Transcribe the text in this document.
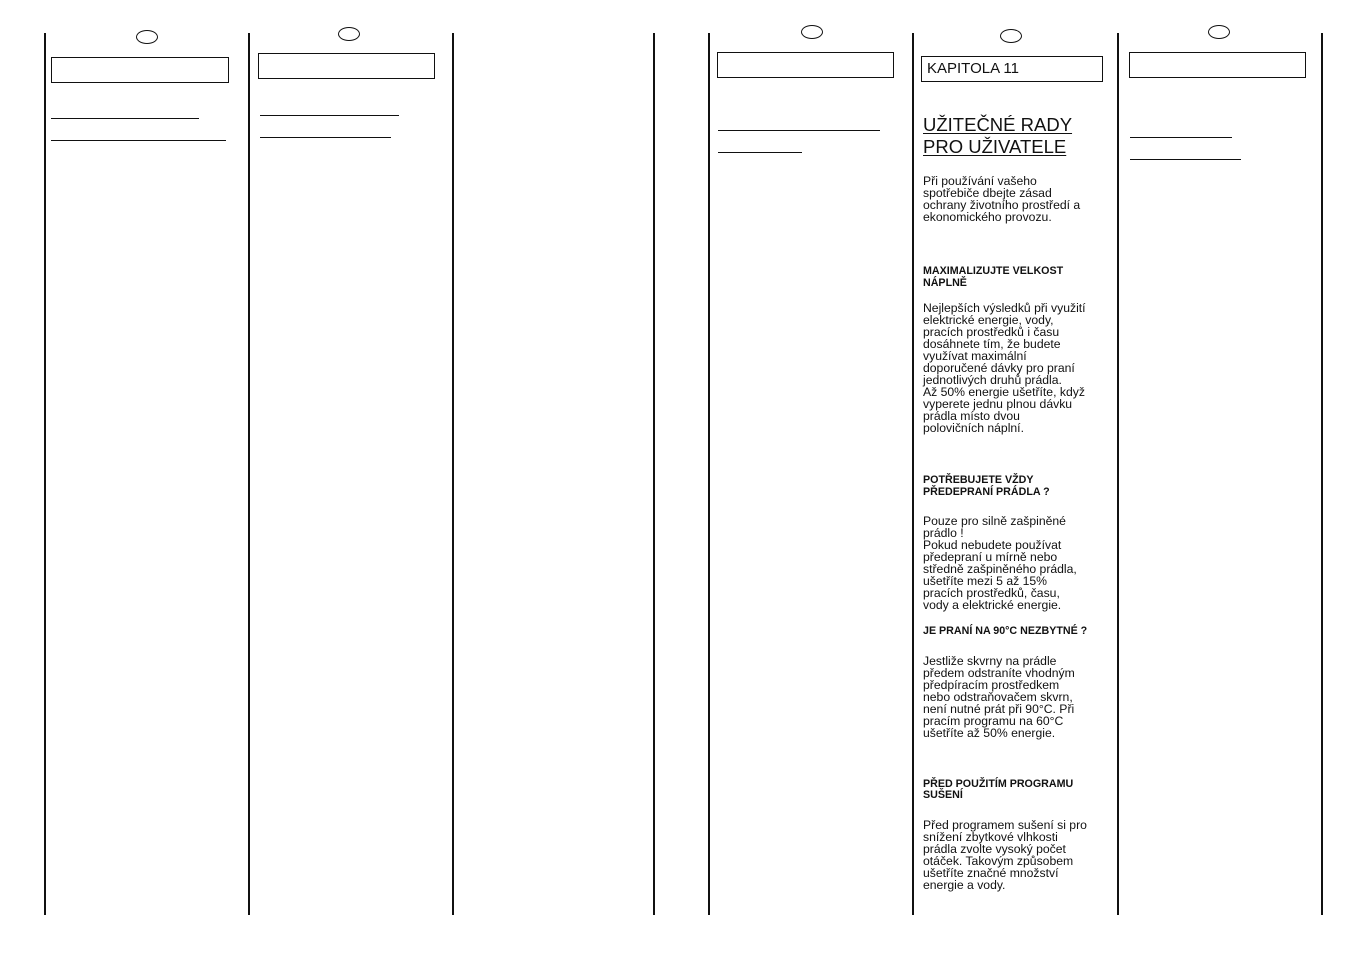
KAPITOLA 11
UŽITEČNÉ RADY
PRO UŽIVATELE

Při používání vašeho
spotřebiče dbejte zásad
ochrany životního prostředí a
ekonomického provozu.

MAXIMALIZUJTE VELKOST
NÁPLNĚ

Nejlepších výsledků při využití
elektrické energie, vody,
pracích prostředků i času
dosáhnete tím, že budete
využívat maximální
doporučené dávky pro praní
jednotlivých druhů prádla.
Až 50% energie ušetříte, když
vyperete jednu plnou dávku
prádla místo dvou
polovičních náplní.

POTŘEBUJETE VŽDY
PŘEDEPRANÍ PRÁDLA ?

Pouze pro silně zašpiněné
prádlo !
Pokud nebudete používat
předepraní u mírně nebo
středně zašpiněného prádla,
ušetříte mezi 5 až 15%
pracích prostředků, času,
vody a elektrické energie.

JE PRANÍ NA 90°C NEZBYTNÉ ?

Jestliže skvrny na prádle
předem odstraníte vhodným
předpíracím prostředkem
nebo odstraňovačem skvrn,
není nutné prát při 90°C. Při
pracím programu na 60°C
ušetříte až 50% energie.

PŘED POUŽITÍM PROGRAMU
SUŠENÍ

Před programem sušení si pro
snížení zbytkové vlhkosti
prádla zvolte vysoký počet
otáček. Takovým způsobem
ušetříte značné množství
energie a vody.
